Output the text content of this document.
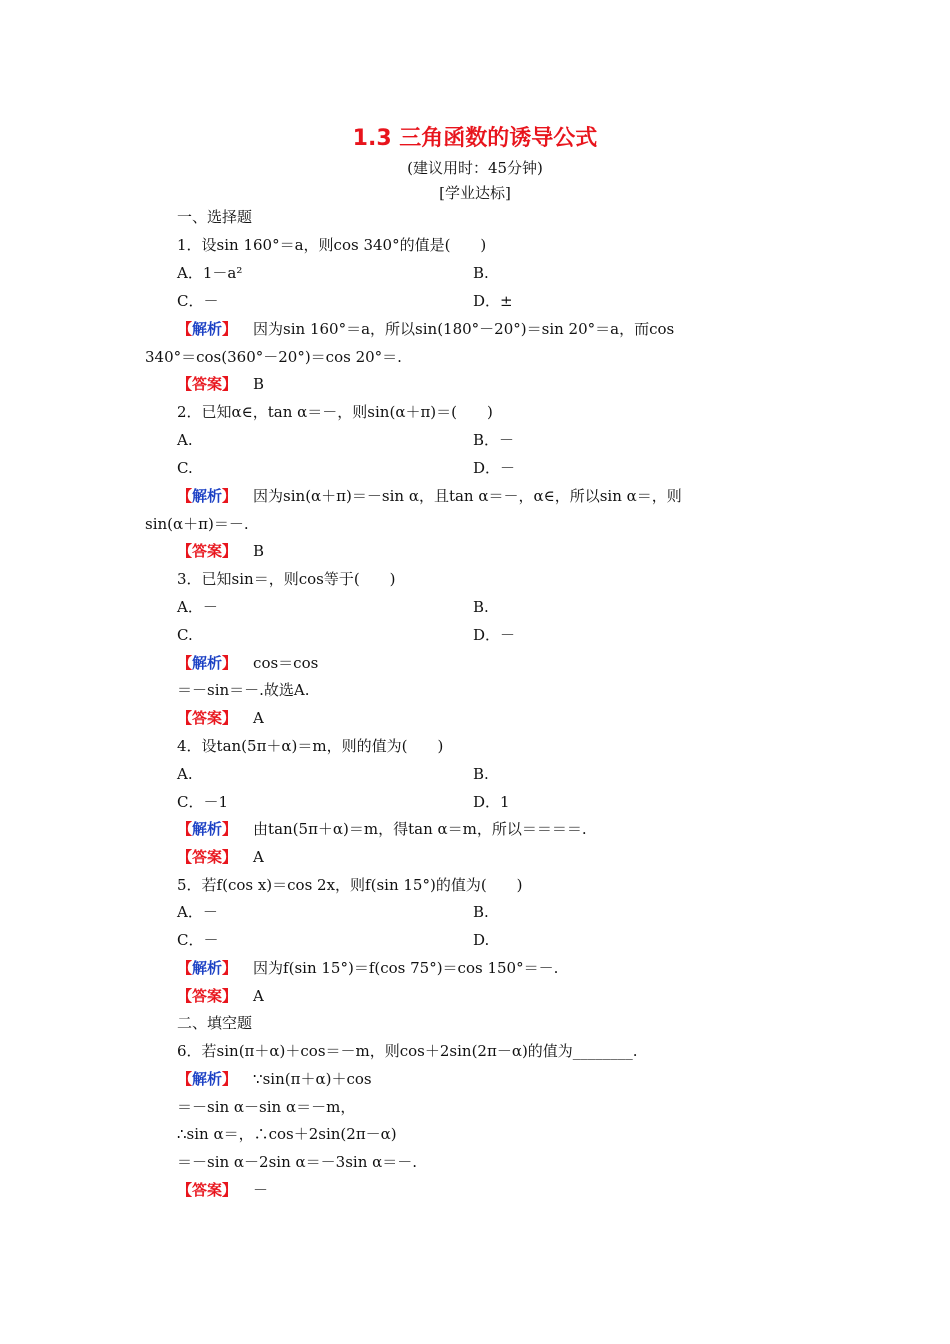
1.3 三角函数的诱导公式
(建议用时：45分钟)
[学业达标]
一、选择题
1．设sin 160°＝a，则cos 340°的值是(　　)
A．1－a²	B.
C．－	D．±
【解析】 因为sin 160°＝a，所以sin(180°－20°)＝sin 20°＝a，而cos
340°＝cos(360°－20°)＝cos 20°＝.
【答案】 B
2．已知α∈，tan α＝－，则sin(α＋π)＝(　　)
A.	B．－
C.	D．－
【解析】 因为sin(α＋π)＝－sin α，且tan α＝－，α∈，所以sin α＝，则
sin(α＋π)＝－.
【答案】 B
3．已知sin＝，则cos等于(　　)
A．－	B.
C.	D．－
【解析】 cos＝cos
＝－sin＝－.故选A.
【答案】 A
4．设tan(5π＋α)＝m，则的值为(　　)
A.	B.
C．－1	D．1
【解析】 由tan(5π＋α)＝m，得tan α＝m，所以＝＝＝＝.
【答案】 A
5．若f(cos x)＝cos 2x，则f(sin 15°)的值为(　　)
A．－	B.
C．－	D.
【解析】 因为f(sin 15°)＝f(cos 75°)＝cos 150°＝－.
【答案】 A
二、填空题
6．若sin(π＋α)＋cos＝－m，则cos＋2sin(2π－α)的值为________.
【解析】 ∵sin(π＋α)＋cos
＝－sin α－sin α＝－m，
∴sin α＝，∴cos＋2sin(2π－α)
＝－sin α－2sin α＝－3sin α＝－.
【答案】 －
